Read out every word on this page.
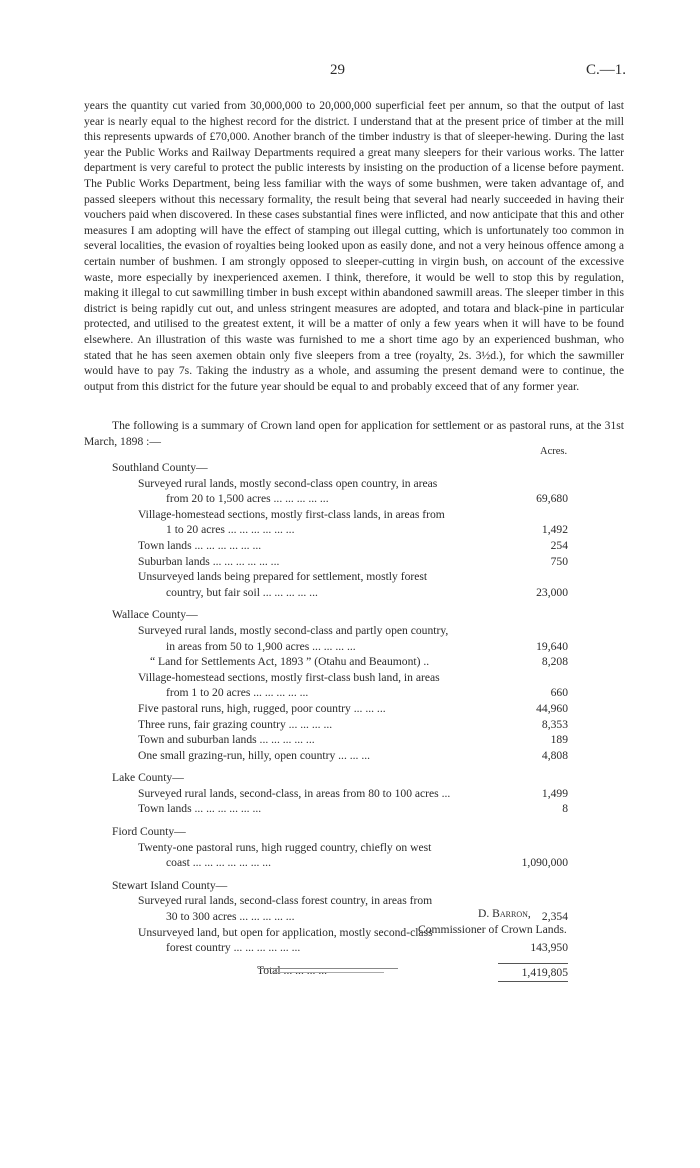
29	C.—1.

years the quantity cut varied from 30,000,000 to 20,000,000 superficial feet per annum, so that the output of last year is nearly equal to the highest record for the district. I understand that at the present price of timber at the mill this represents upwards of £70,000. Another branch of the timber industry is that of sleeper-hewing. During the last year the Public Works and Railway Departments required a great many sleepers for their various works. The latter department is very careful to protect the public interests by insisting on the production of a license before payment. The Public Works Department, being less familiar with the ways of some bushmen, were taken advantage of, and passed sleepers without this necessary formality, the result being that several had nearly succeeded in having their vouchers paid when discovered. In these cases substantial fines were inflicted, and now anticipate that this and other measures I am adopting will have the effect of stamping out illegal cutting, which is unfortunately too common in several localities, the evasion of royalties being looked upon as easily done, and not a very heinous offence among a certain number of bushmen. I am strongly opposed to sleeper-cutting in virgin bush, on account of the excessive waste, more especially by inexperienced axemen. I think, therefore, it would be well to stop this by regulation, making it illegal to cut sawmilling timber in bush except within abandoned sawmill areas. The sleeper timber in this district is being rapidly cut out, and unless stringent measures are adopted, and totara and black-pine in particular protected, and utilised to the greatest extent, it will be a matter of only a few years when it will have to be found elsewhere. An illustration of this waste was furnished to me a short time ago by an experienced bushman, who stated that he has seen axemen obtain only five sleepers from a tree (royalty, 2s. 3½d.), for which the sawmiller would have to pay 7s. Taking the industry as a whole, and assuming the present demand were to continue, the output from this district for the future year should be equal to and probably exceed that of any former year.

The following is a summary of Crown land open for application for settlement or as pastoral runs, at the 31st March, 1898 :—

Acres.

Southland County—

Surveyed rural lands, mostly second-class open country, in areas
from 20 to 1,500 acres ... ... ... ... ...	69,680
Village-homestead sections, mostly first-class lands, in areas from
1 to 20 acres ... ... ... ... ... ...	1,492
Town lands ... ... ... ... ... ...	254
Suburban lands ... ... ... ... ... ...	750
Unsurveyed lands being prepared for settlement, mostly forest
country, but fair soil ... ... ... ... ...	23,000

Wallace County—

Surveyed rural lands, mostly second-class and partly open country,
in areas from 50 to 1,900 acres ... ... ... ...	19,640
“ Land for Settlements Act, 1893 ” (Otahu and Beaumont) ..	8,208
Village-homestead sections, mostly first-class bush land, in areas
from 1 to 20 acres ... ... ... ... ...	660
Five pastoral runs, high, rugged, poor country ... ... ...	44,960
Three runs, fair grazing country ... ... ... ...	8,353
Town and suburban lands ... ... ... ... ...	189
One small grazing-run, hilly, open country ... ... ...	4,808

Lake County—

Surveyed rural lands, second-class, in areas from 80 to 100 acres ...	1,499
Town lands ... ... ... ... ... ...	8

Fiord County—

Twenty-one pastoral runs, high rugged country, chiefly on west
coast ... ... ... ... ... ... ...	1,090,000

Stewart Island County—

Surveyed rural lands, second-class forest country, in areas from
30 to 300 acres ... ... ... ... ...	2,354
Unsurveyed land, but open for application, mostly second-class
forest country ... ... ... ... ... ...	143,950
Total ... ... ... ...	1,419,805
D. Barron,
Commissioner of Crown Lands.
